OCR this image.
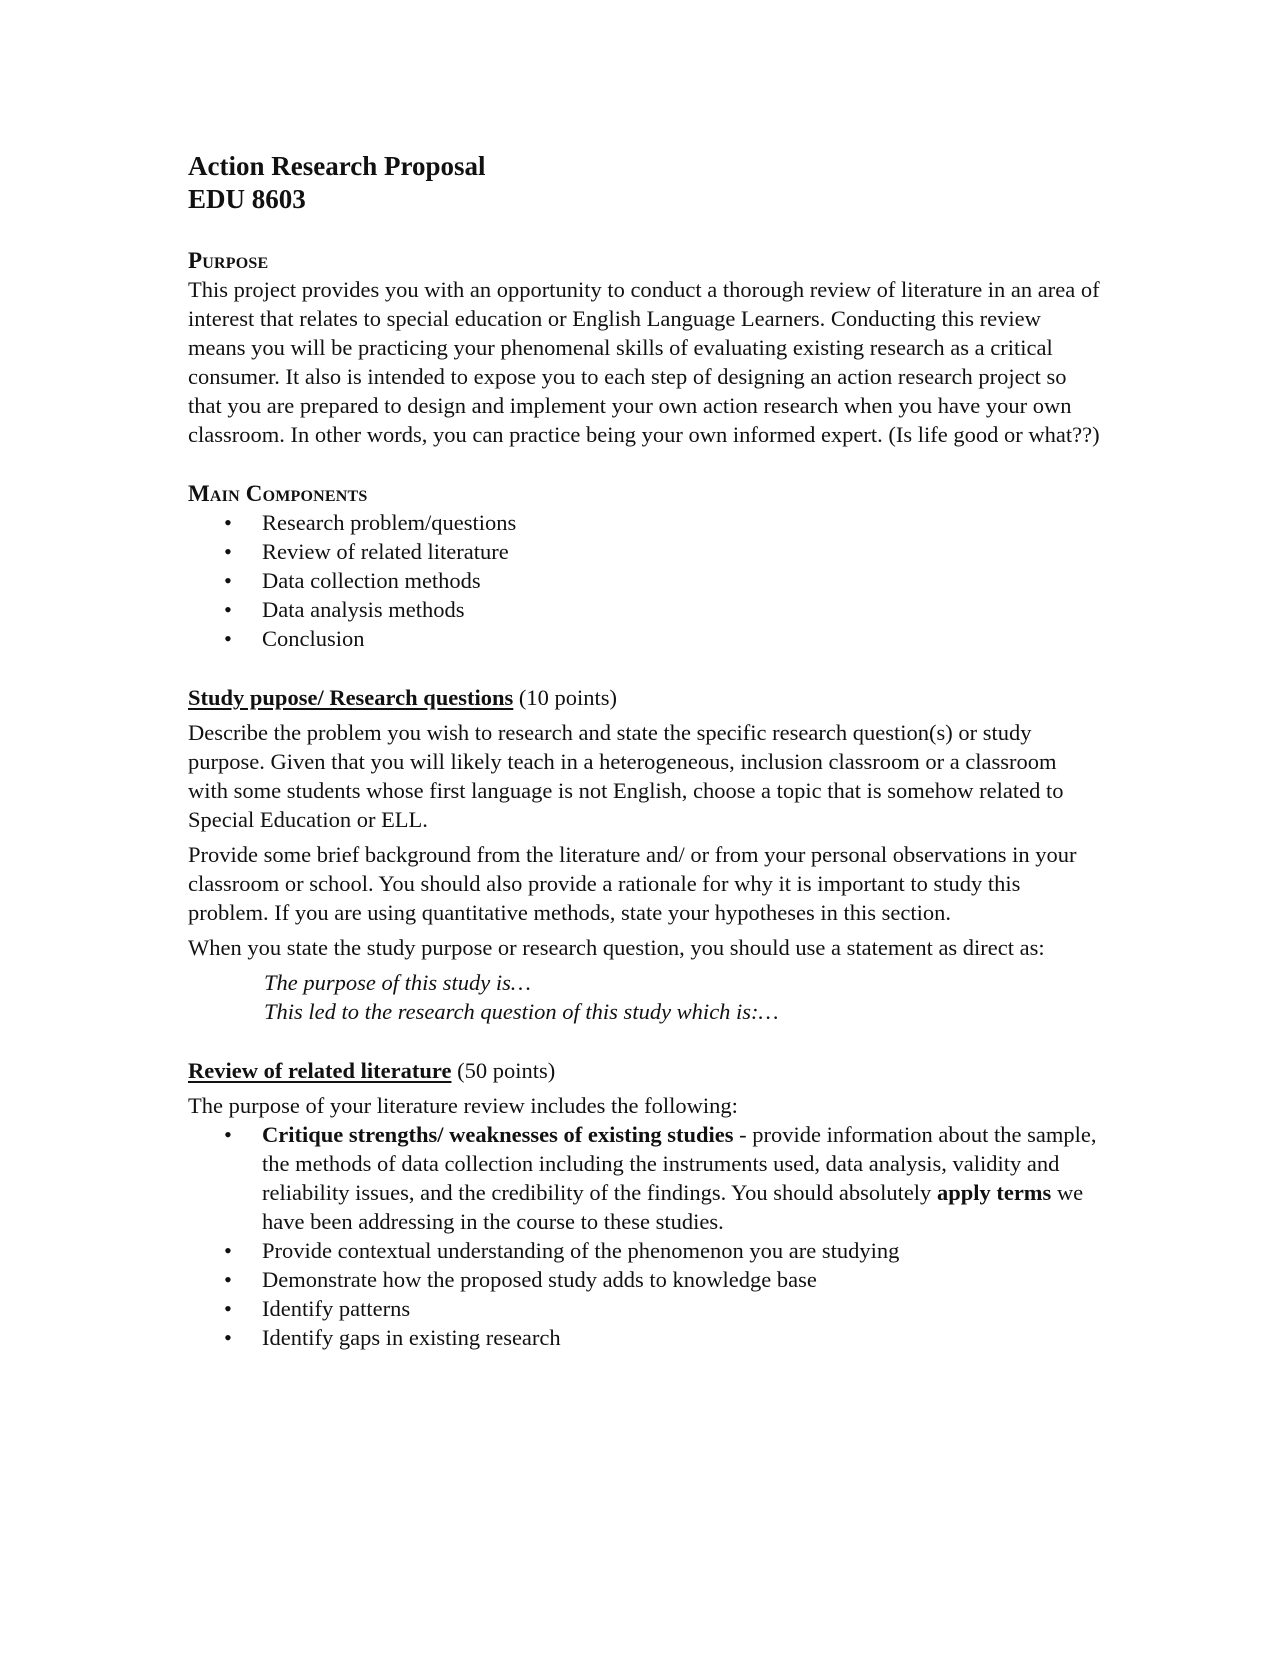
Action Research Proposal
EDU 8603
Purpose

This project provides you with an opportunity to conduct a thorough review of literature in an area of interest that relates to special education or English Language Learners. Conducting this review means you will be practicing your phenomenal skills of evaluating existing research as a critical consumer. It also is intended to expose you to each step of designing an action research project so that you are prepared to design and implement your own action research when you have your own classroom. In other words, you can practice being your own informed expert. (Is life good or what??)

Main Components
•	Research problem/questions
•	Review of related literature
•	Data collection methods
•	Data analysis methods
•	Conclusion
Study pupose/ Research questions (10 points)

Describe the problem you wish to research and state the specific research question(s) or study purpose. Given that you will likely teach in a heterogeneous, inclusion classroom or a classroom with some students whose first language is not English, choose a topic that is somehow related to Special Education or ELL.

Provide some brief background from the literature and/ or from your personal observations in your classroom or school. You should also provide a rationale for why it is important to study this problem. If you are using quantitative methods, state your hypotheses in this section.

When you state the study purpose or research question, you should use a statement as direct as:

The purpose of this study is…
This led to the research question of this study which is:…
Review of related literature (50 points)

The purpose of your literature review includes the following:

•	Critique strengths/ weaknesses of existing studies - provide information about the sample, the methods of data collection including the instruments used, data analysis, validity and reliability issues, and the credibility of the findings. You should absolutely apply terms we have been addressing in the course to these studies.
•	Provide contextual understanding of the phenomenon you are studying
•	Demonstrate how the proposed study adds to knowledge base
•	Identify patterns
•	Identify gaps in existing research
